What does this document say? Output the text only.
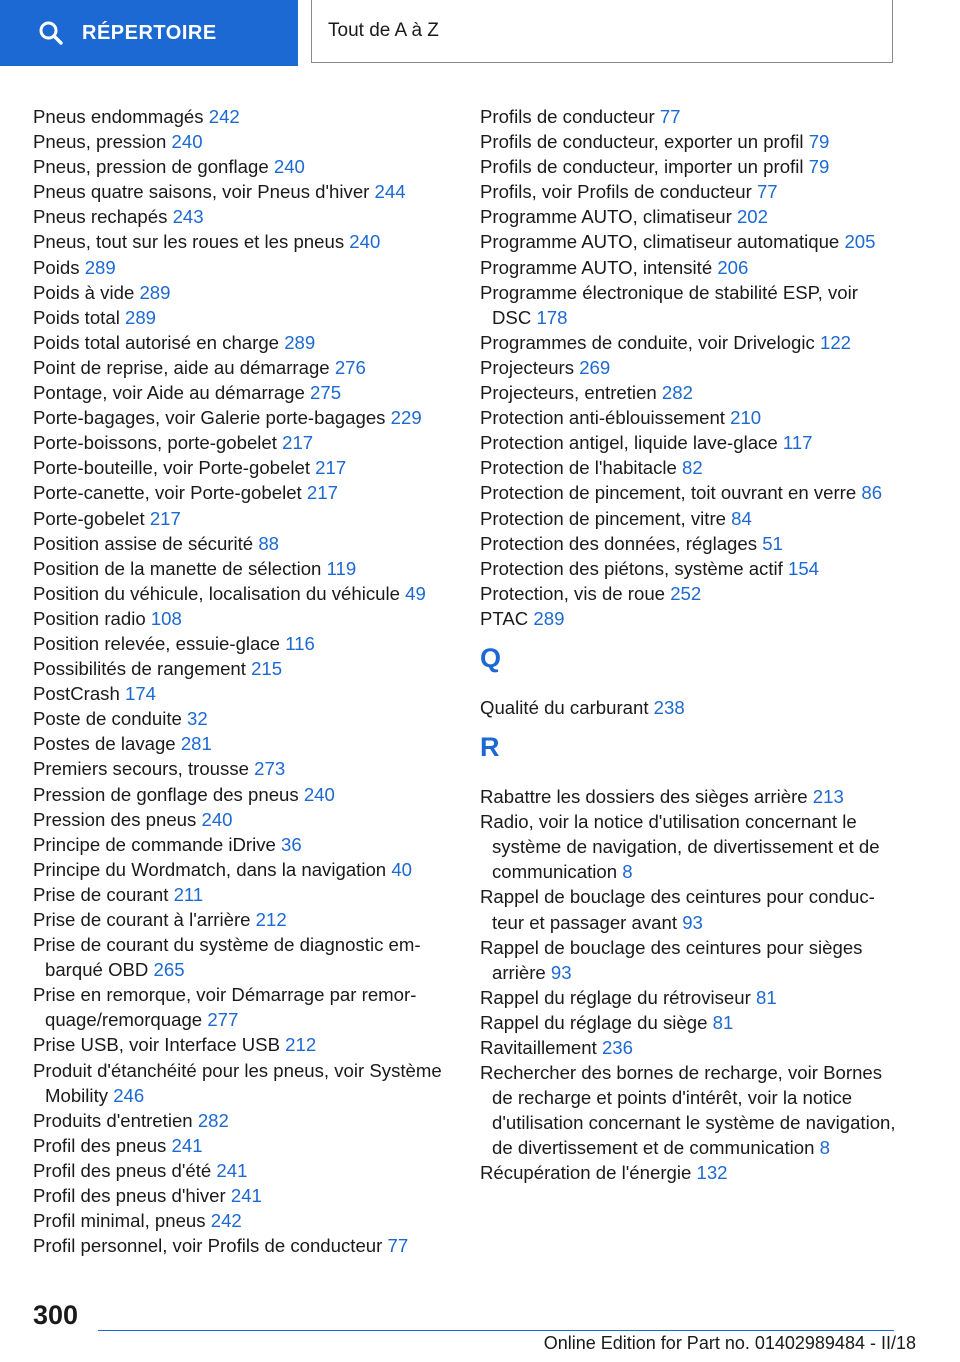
RÉPERTOIRE	Tout de A à Z
Pneus endommagés 242
Pneus, pression 240
Pneus, pression de gonflage 240
Pneus quatre saisons, voir Pneus d'hiver 244
Pneus rechapés 243
Pneus, tout sur les roues et les pneus 240
Poids 289
Poids à vide 289
Poids total 289
Poids total autorisé en charge 289
Point de reprise, aide au démarrage 276
Pontage, voir Aide au démarrage 275
Porte-bagages, voir Galerie porte-bagages 229
Porte-boissons, porte-gobelet 217
Porte-bouteille, voir Porte-gobelet 217
Porte-canette, voir Porte-gobelet 217
Porte-gobelet 217
Position assise de sécurité 88
Position de la manette de sélection 119
Position du véhicule, localisation du véhicule 49
Position radio 108
Position relevée, essuie-glace 116
Possibilités de rangement 215
PostCrash 174
Poste de conduite 32
Postes de lavage 281
Premiers secours, trousse 273
Pression de gonflage des pneus 240
Pression des pneus 240
Principe de commande iDrive 36
Principe du Wordmatch, dans la navigation 40
Prise de courant 211
Prise de courant à l'arrière 212
Prise de courant du système de diagnostic embarqué OBD 265
Prise en remorque, voir Démarrage par remorquage/remorquage 277
Prise USB, voir Interface USB 212
Produit d'étanchéité pour les pneus, voir Système Mobility 246
Produits d'entretien 282
Profil des pneus 241
Profil des pneus d'été 241
Profil des pneus d'hiver 241
Profil minimal, pneus 242
Profil personnel, voir Profils de conducteur 77
Profils de conducteur 77
Profils de conducteur, exporter un profil 79
Profils de conducteur, importer un profil 79
Profils, voir Profils de conducteur 77
Programme AUTO, climatiseur 202
Programme AUTO, climatiseur automatique 205
Programme AUTO, intensité 206
Programme électronique de stabilité ESP, voir DSC 178
Programmes de conduite, voir Drivelogic 122
Projecteurs 269
Projecteurs, entretien 282
Protection anti-éblouissement 210
Protection antigel, liquide lave-glace 117
Protection de l'habitacle 82
Protection de pincement, toit ouvrant en verre 86
Protection de pincement, vitre 84
Protection des données, réglages 51
Protection des piétons, système actif 154
Protection, vis de roue 252
PTAC 289
Q
Qualité du carburant 238
R
Rabattre les dossiers des sièges arrière 213
Radio, voir la notice d'utilisation concernant le système de navigation, de divertissement et de communication 8
Rappel de bouclage des ceintures pour conducteur et passager avant 93
Rappel de bouclage des ceintures pour sièges arrière 93
Rappel du réglage du rétroviseur 81
Rappel du réglage du siège 81
Ravitaillement 236
Rechercher des bornes de recharge, voir Bornes de recharge et points d'intérêt, voir la notice d'utilisation concernant le système de navigation, de divertissement et de communication 8
Récupération de l'énergie 132
300
Online Edition for Part no. 01402989484 - II/18
